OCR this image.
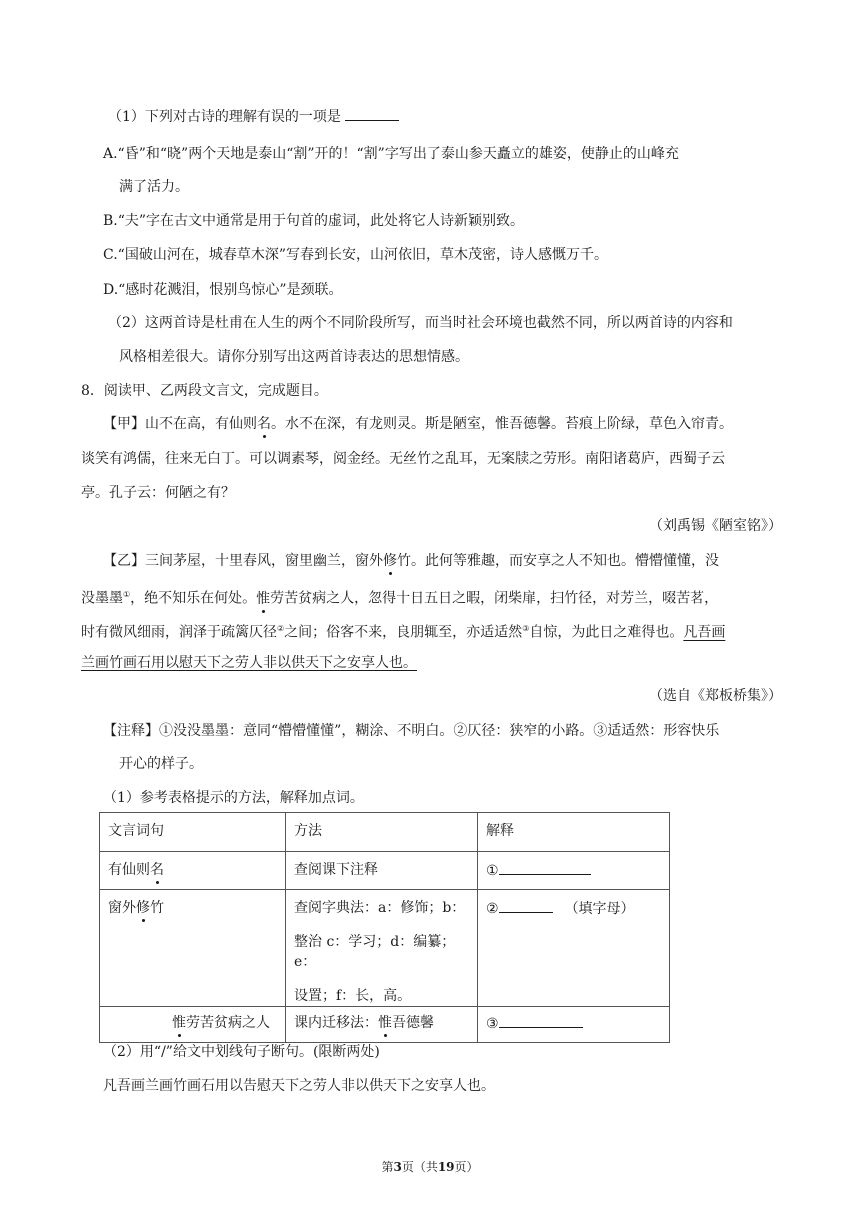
（1）下列对古诗的理解有误的一项是
A.“昏”和“晓”两个天地是泰山“割”开的！“割”字写出了泰山参天矗立的雄姿，使静止的山峰充
满了活力。
B.“夫”字在古文中通常是用于句首的虚词，此处将它人诗新颖别致。
C.“国破山河在，城春草木深”写春到长安，山河依旧，草木茂密，诗人感慨万千。
D.“感时花溅泪，恨别鸟惊心”是颈联。
（2）这两首诗是杜甫在人生的两个不同阶段所写，而当时社会环境也截然不同，所以两首诗的内容和
风格相差很大。请你分别写出这两首诗表达的思想情感。
8．阅读甲、乙两段文言文，完成题目。
【甲】山不在高，有仙则名。水不在深，有龙则灵。斯是陋室，惟吾德馨。苔痕上阶绿，草色入帘青。
谈笑有鸿儒，往来无白丁。可以调素琴，阅金经。无丝竹之乱耳，无案牍之劳形。南阳诸葛庐，西蜀子云
亭。孔子云：何陋之有？
（刘禹锡《陋室铭》）
【乙】三间茅屋，十里春风，窗里幽兰，窗外修竹。此何等雅趣，而安享之人不知也。懵懵懂懂，没
没墨墨①，绝不知乐在何处。惟劳苦贫病之人，忽得十日五日之暇，闭柴扉，扫竹径，对芳兰，啜苦茗，
时有微风细雨，润泽于疏篱仄径②之间；俗客不来，良朋辄至，亦适适然③自惊，为此日之难得也。凡吾画
兰画竹画石用以慰天下之劳人非以供天下之安享人也。
（选自《郑板桥集》）
【注释】①没没墨墨：意同“懵懵懂懂”，糊涂、不明白。②仄径：狭窄的小路。③适适然：形容快乐
开心的样子。
（1）参考表格提示的方法，解释加点词。
文言词句	方法	解释
有仙则名	查阅课下注释	①
窗外修竹	查阅字典法：a：修饰；b：
整治 c：学习；d：编纂；e：
设置；f：长，高。	② （填字母）
惟劳苦贫病之人	课内迁移法：惟吾德馨	③
（2）用“/”给文中划线句子断句。(限断两处)
凡吾画兰画竹画石用以告慰天下之劳人非以供天下之安享人也。
第3页（共19页）
